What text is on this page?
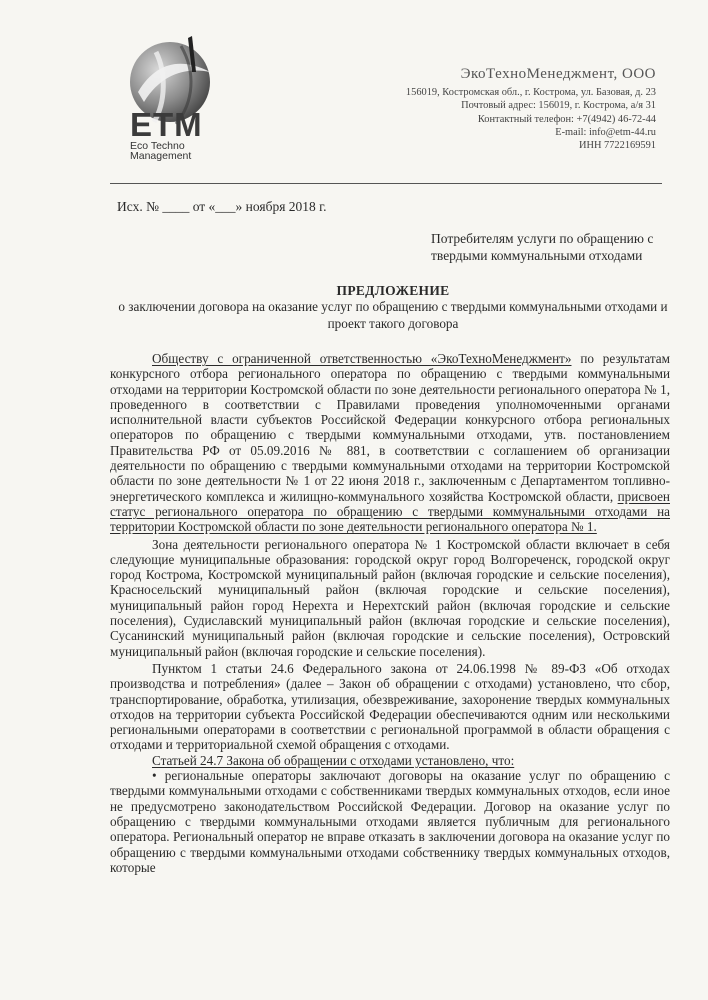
ETM
Eco Techno
Management
ЭкоТехноМенеджмент, ООО
156019, Костромская обл., г. Кострома, ул. Базовая, д. 23
Почтовый адрес: 156019, г. Кострома, а/я 31
Контактный телефон: +7(4942) 46-72-44
E-mail: info@etm-44.ru
ИНН 7722169591
Исх. № ____ от «___» ноября 2018 г.
Потребителям услуги по обращению с твердыми коммунальными отходами
ПРЕДЛОЖЕНИЕ
о заключении договора на оказание услуг по обращению с твердыми коммунальными отходами и проект такого договора

Обществу с ограниченной ответственностью «ЭкоТехноМенеджмент» по результатам конкурсного отбора регионального оператора по обращению с твердыми коммунальными отходами на территории Костромской области по зоне деятельности регионального оператора № 1, проведенного в соответствии с Правилами проведения уполномоченными органами исполнительной власти субъектов Российской Федерации конкурсного отбора региональных операторов по обращению с твердыми коммунальными отходами, утв. постановлением Правительства РФ от 05.09.2016 № 881, в соответствии с соглашением об организации деятельности по обращению с твердыми коммунальными отходами на территории Костромской области по зоне деятельности № 1 от 22 июня 2018 г., заключенным с Департаментом топливно-энергетического комплекса и жилищно-коммунального хозяйства Костромской области, присвоен статус регионального оператора по обращению с твердыми коммунальными отходами на территории Костромской области по зоне деятельности регионального оператора № 1.

Зона деятельности регионального оператора № 1 Костромской области включает в себя следующие муниципальные образования: городской округ город Волгореченск, городской округ город Кострома, Костромской муниципальный район (включая городские и сельские поселения), Красносельский муниципальный район (включая городские и сельские поселения), муниципальный район город Нерехта и Нерехтский район (включая городские и сельские поселения), Судиславский муниципальный район (включая городские и сельские поселения), Сусанинский муниципальный район (включая городские и сельские поселения), Островский муниципальный район (включая городские и сельские поселения).

Пунктом 1 статьи 24.6 Федерального закона от 24.06.1998 № 89-ФЗ «Об отходах производства и потребления» (далее – Закон об обращении с отходами) установлено, что сбор, транспортирование, обработка, утилизация, обезвреживание, захоронение твердых коммунальных отходов на территории субъекта Российской Федерации обеспечиваются одним или несколькими региональными операторами в соответствии с региональной программой в области обращения с отходами и территориальной схемой обращения с отходами.

Статьей 24.7 Закона об обращении с отходами установлено, что:

• региональные операторы заключают договоры на оказание услуг по обращению с твердыми коммунальными отходами с собственниками твердых коммунальных отходов, если иное не предусмотрено законодательством Российской Федерации. Договор на оказание услуг по обращению с твердыми коммунальными отходами является публичным для регионального оператора. Региональный оператор не вправе отказать в заключении договора на оказание услуг по обращению с твердыми коммунальными отходами собственнику твердых коммунальных отходов, которые
